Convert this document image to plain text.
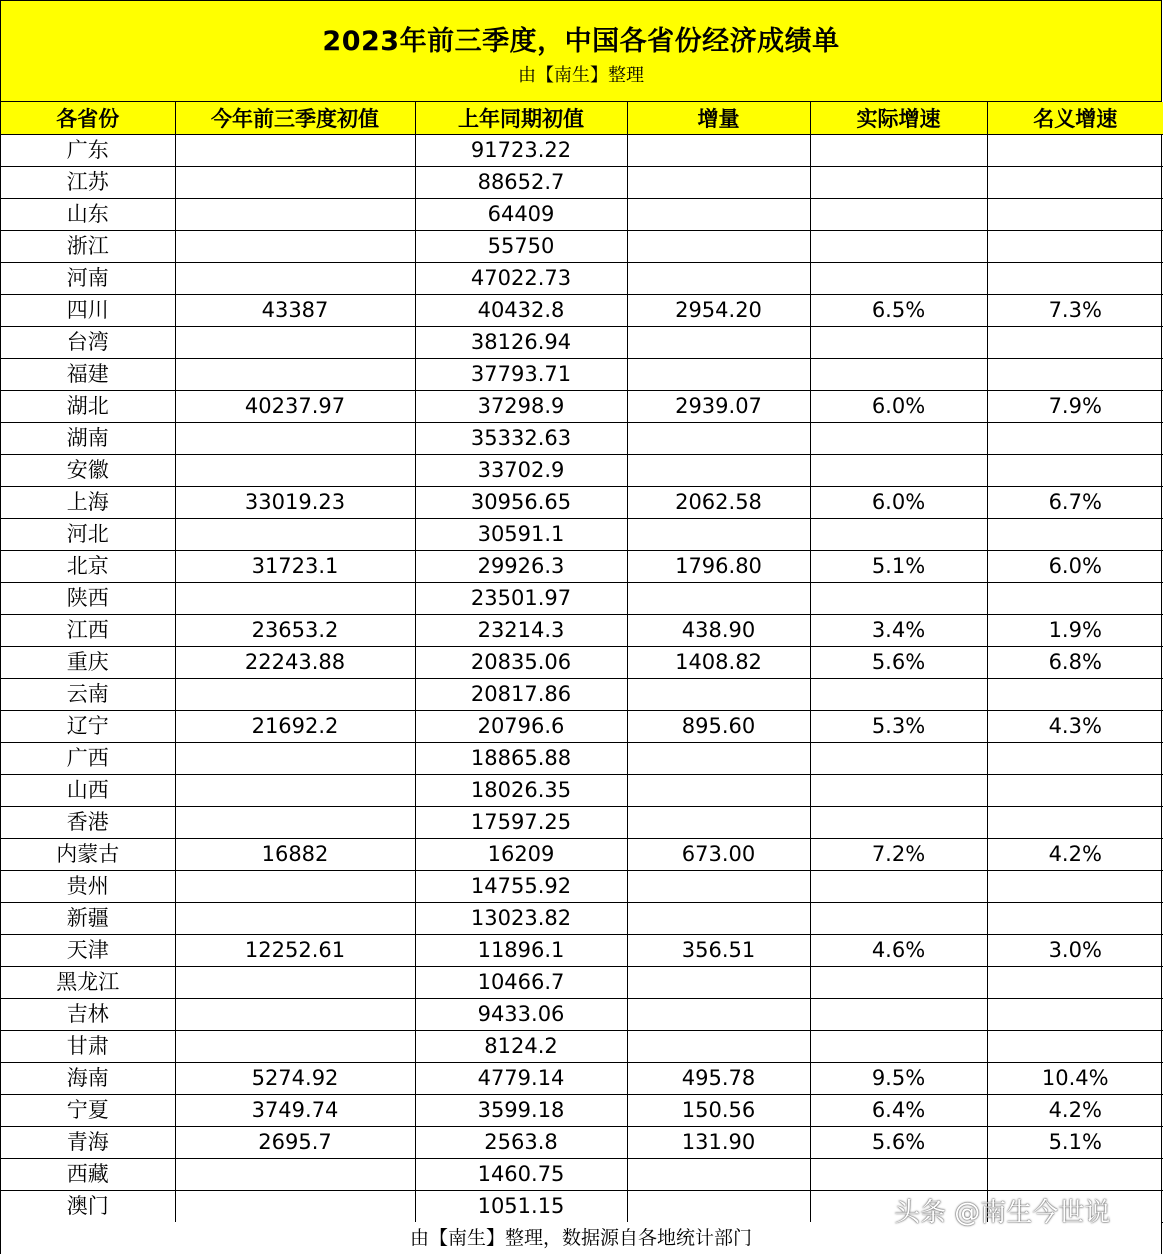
2023年前三季度，中国各省份经济成绩单
由【南生】整理
各省份	今年前三季度初值	上年同期初值	增量	实际增速	名义增速
广东		91723.22			
江苏		88652.7			
山东		64409			
浙江		55750			
河南		47022.73			
四川	43387	40432.8	2954.20	6.5%	7.3%
台湾		38126.94			
福建		37793.71			
湖北	40237.97	37298.9	2939.07	6.0%	7.9%
湖南		35332.63			
安徽		33702.9			
上海	33019.23	30956.65	2062.58	6.0%	6.7%
河北		30591.1			
北京	31723.1	29926.3	1796.80	5.1%	6.0%
陕西		23501.97			
江西	23653.2	23214.3	438.90	3.4%	1.9%
重庆	22243.88	20835.06	1408.82	5.6%	6.8%
云南		20817.86			
辽宁	21692.2	20796.6	895.60	5.3%	4.3%
广西		18865.88			
山西		18026.35			
香港		17597.25			
内蒙古	16882	16209	673.00	7.2%	4.2%
贵州		14755.92			
新疆		13023.82			
天津	12252.61	11896.1	356.51	4.6%	3.0%
黑龙江		10466.7			
吉林		9433.06			
甘肃		8124.2			
海南	5274.92	4779.14	495.78	9.5%	10.4%
宁夏	3749.74	3599.18	150.56	6.4%	4.2%
青海	2695.7	2563.8	131.90	5.6%	5.1%
西藏		1460.75			
澳门		1051.15			
由【南生】整理，数据源自各地统计部门
头条 @南生今世说
